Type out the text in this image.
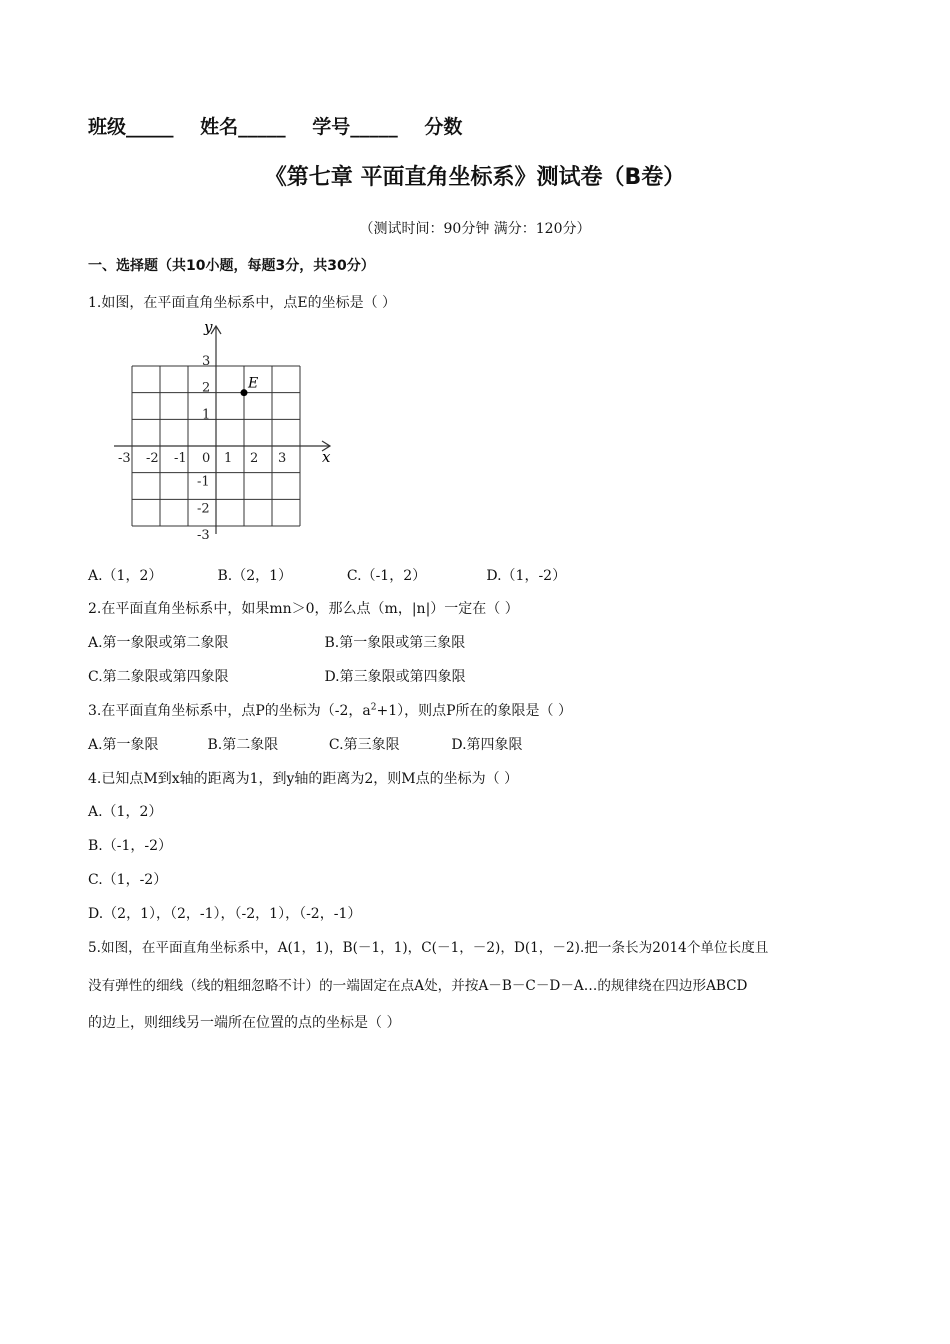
班级_____ 姓名_____ 学号_____ 分数
《第七章 平面直角坐标系》测试卷（B卷）
（测试时间：90分钟 满分：120分）
一、选择题（共10小题，每题3分，共30分）
1.如图，在平面直角坐标系中，点E的坐标是（ ）
y
x
-3 -2 -1 0 1 2 3
3
2
1
-1
-2
-3
E
A.（1，2）	B.（2，1）	C.（-1，2）	D.（1，-2）
2.在平面直角坐标系中，如果mn＞0，那么点（m，|n|）一定在（ ）
A.第一象限或第二象限	B.第一象限或第三象限
C.第二象限或第四象限	D.第三象限或第四象限
3.在平面直角坐标系中，点P的坐标为（-2，$a^2+1$），则点P所在的象限是（ ）
A.第一象限	B.第二象限	C.第三象限	D.第四象限
4.已知点M到x轴的距离为1，到y轴的距离为2，则M点的坐标为（ ）
A.（1，2）
B.（-1，-2）
C.（1，-2）
D.（2，1），（2，-1），（-2，1），（-2，-1）
5.如图，在平面直角坐标系中，A(1，1)，B(－1，1)，C(－1，－2)，D(1，－2).把一条长为2014个单位长度且
没有弹性的细线（线的粗细忽略不计）的一端固定在点A处，并按A－B－C－D－A…的规律绕在四边形ABCD
的边上，则细线另一端所在位置的点的坐标是（ ）
